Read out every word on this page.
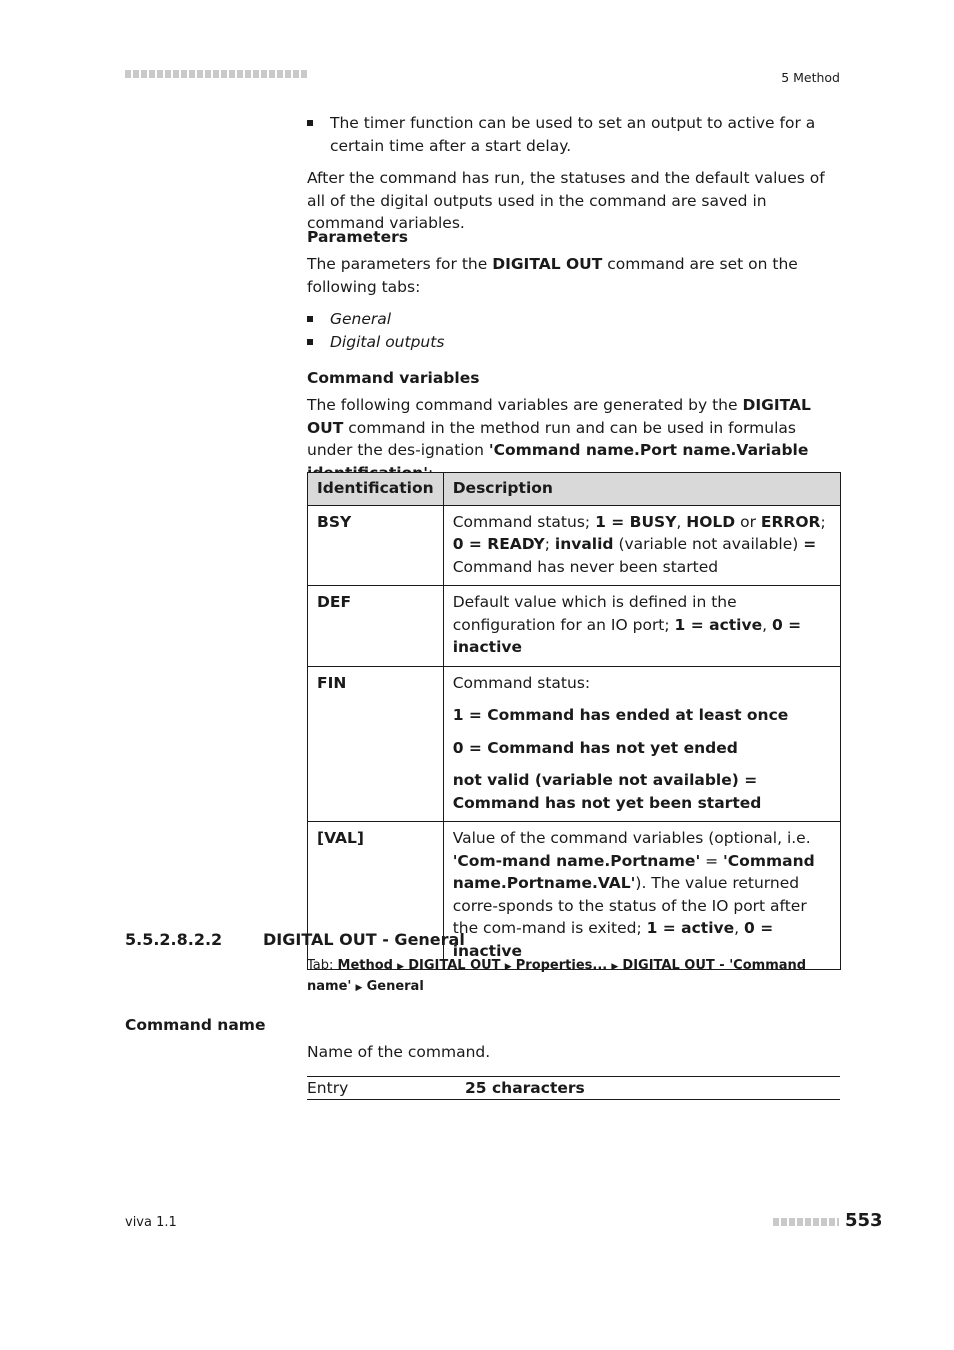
5 Method
The timer function can be used to set an output to active for a certain time after a start delay.

After the command has run, the statuses and the default values of all of the digital outputs used in the command are saved in command variables.

Parameters

The parameters for the DIGITAL OUT command are set on the following tabs:

General
Digital outputs
Command variables

The following command variables are generated by the DIGITAL OUT command in the method run and can be used in formulas under the des-ignation 'Command name.Port name.Variable

Identification	Description
BSY	Command status; 1 = BUSY, HOLD or ERROR; 0 = READY; invalid (variable not available) = Command has never been started
DEF	Default value which is defined in the configuration for an IO port; 1 = active, 0 = inactive
FIN	Command status:

1 = Command has ended at least once

0 = Command has not yet ended

not valid (variable not available) = Command has not yet been started

[VAL]	Value of the command variables (optional, i.e. 'Com-mand name.Portname' = 'Command name.Portname.VAL'). The value returned corre-sponds to the status of the IO port after the com-mand is exited; 1 = active, 0 = inactive
5.5.2.8.2.2	DIGITAL OUT - General
Tab: Method ▶ DIGITAL OUT ▶ Properties... ▶ DIGITAL OUT - 'Command name' ▶ General
Command name
Name of the command.
Entry	25 characters
viva 1.1	553
